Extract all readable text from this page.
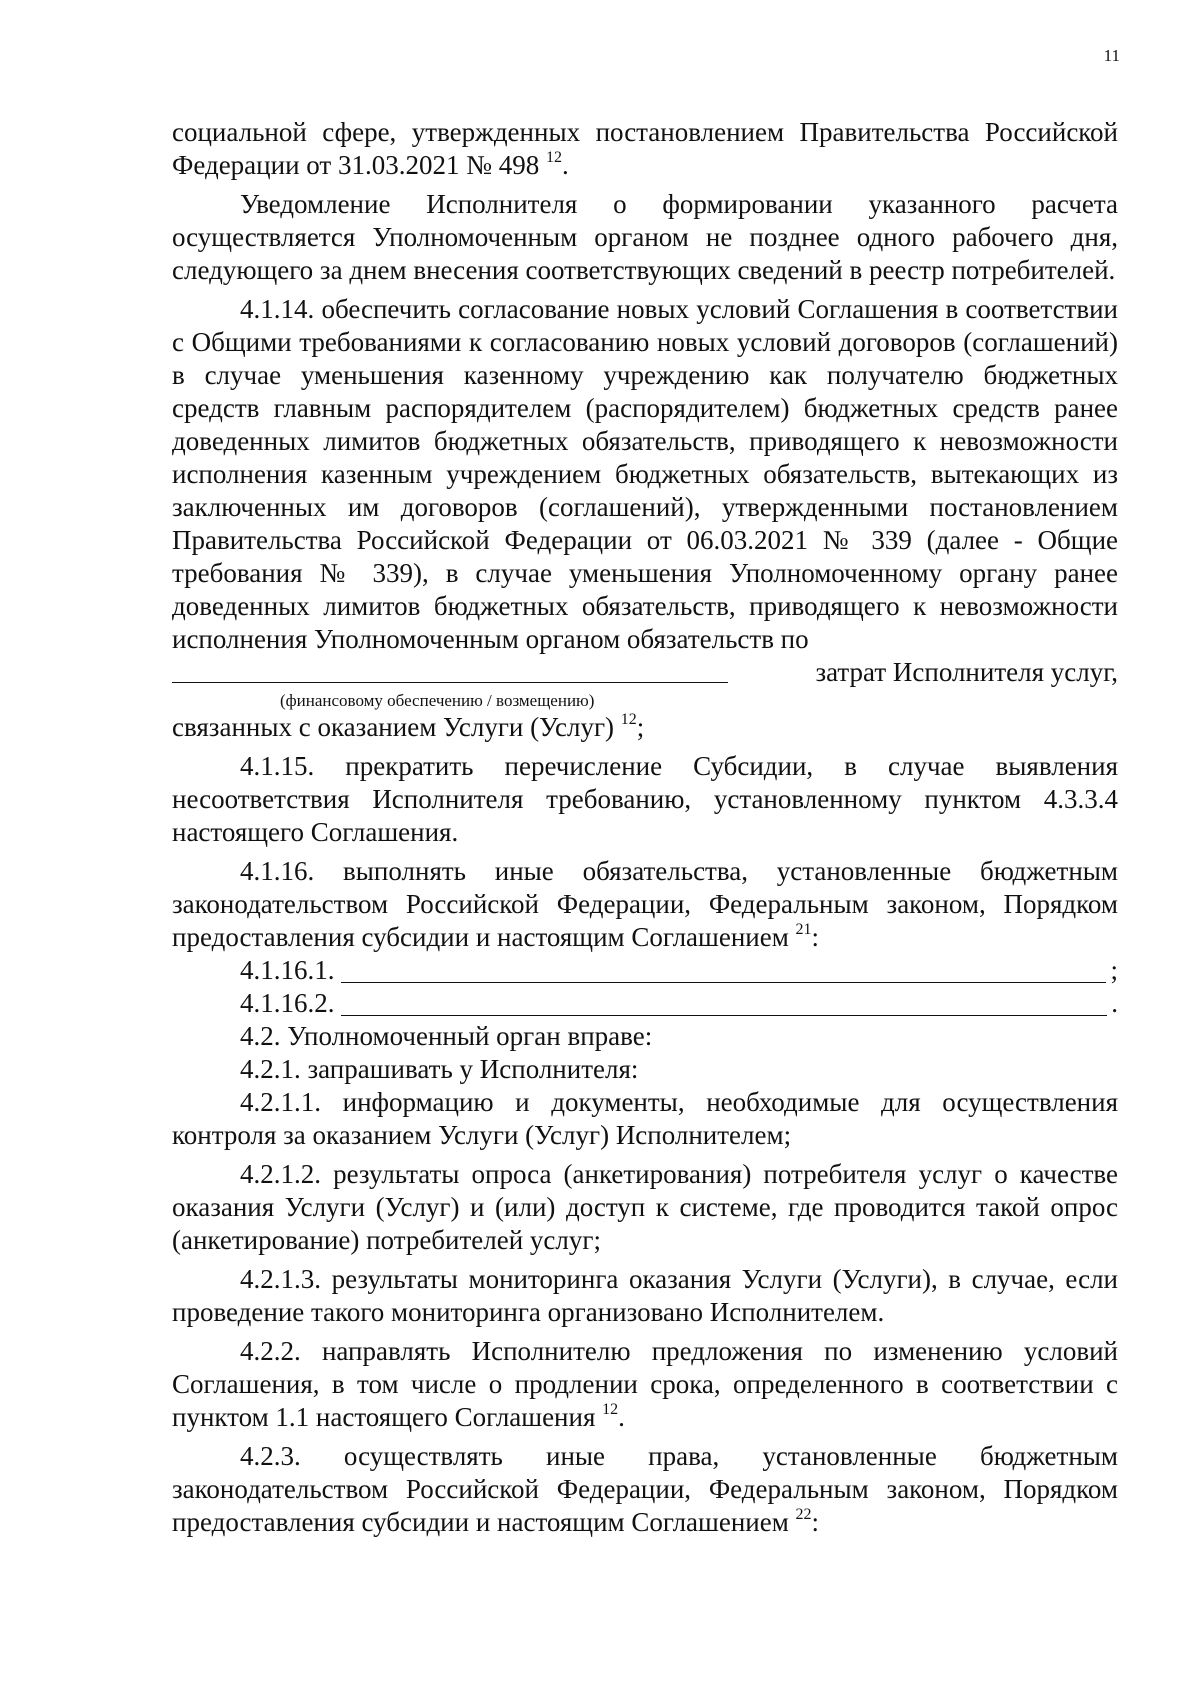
11

социальной сфере, утвержденных постановлением Правительства Российской Федерации от 31.03.2021 № 498 $^{12}$.

Уведомление Исполнителя о формировании указанного расчета осуществляется Уполномоченным органом не позднее одного рабочего дня, следующего за днем внесения соответствующих сведений в реестр потребителей.

4.1.14. обеспечить согласование новых условий Соглашения в соответствии с Общими требованиями к согласованию новых условий договоров (соглашений) в случае уменьшения казенному учреждению как получателю бюджетных средств главным распорядителем (распорядителем) бюджетных средств ранее доведенных лимитов бюджетных обязательств, приводящего к невозможности исполнения казенным учреждением бюджетных обязательств, вытекающих из заключенных им договоров (соглашений), утвержденными постановлением Правительства Российской Федерации от 06.03.2021 № 339 (далее - Общие требования № 339), в случае уменьшения Уполномоченному органу ранее доведенных лимитов бюджетных обязательств, приводящего к невозможности исполнения Уполномоченным органом обязательств по

затрат Исполнителя услуг,
(финансовому обеспечению / возмещению)

связанных с оказанием Услуги (Услуг) $^{12}$;

4.1.15. прекратить перечисление Субсидии, в случае выявления несоответствия Исполнителя требованию, установленному пунктом 4.3.3.4 настоящего Соглашения.

4.1.16. выполнять иные обязательства, установленные бюджетным законодательством Российской Федерации, Федеральным законом, Порядком предоставления субсидии и настоящим Соглашением $^{21}$:

4.1.16.1.	;
4.1.16.2.	.

4.2. Уполномоченный орган вправе:

4.2.1. запрашивать у Исполнителя:

4.2.1.1. информацию и документы, необходимые для осуществления контроля за оказанием Услуги (Услуг) Исполнителем;

4.2.1.2. результаты опроса (анкетирования) потребителя услуг о качестве оказания Услуги (Услуг) и (или) доступ к системе, где проводится такой опрос (анкетирование) потребителей услуг;

4.2.1.3. результаты мониторинга оказания Услуги (Услуги), в случае, если проведение такого мониторинга организовано Исполнителем.

4.2.2. направлять Исполнителю предложения по изменению условий Соглашения, в том числе о продлении срока, определенного в соответствии с пунктом 1.1 настоящего Соглашения $^{12}$.

4.2.3. осуществлять иные права, установленные бюджетным законодательством Российской Федерации, Федеральным законом, Порядком предоставления субсидии и настоящим Соглашением $^{22}$:
